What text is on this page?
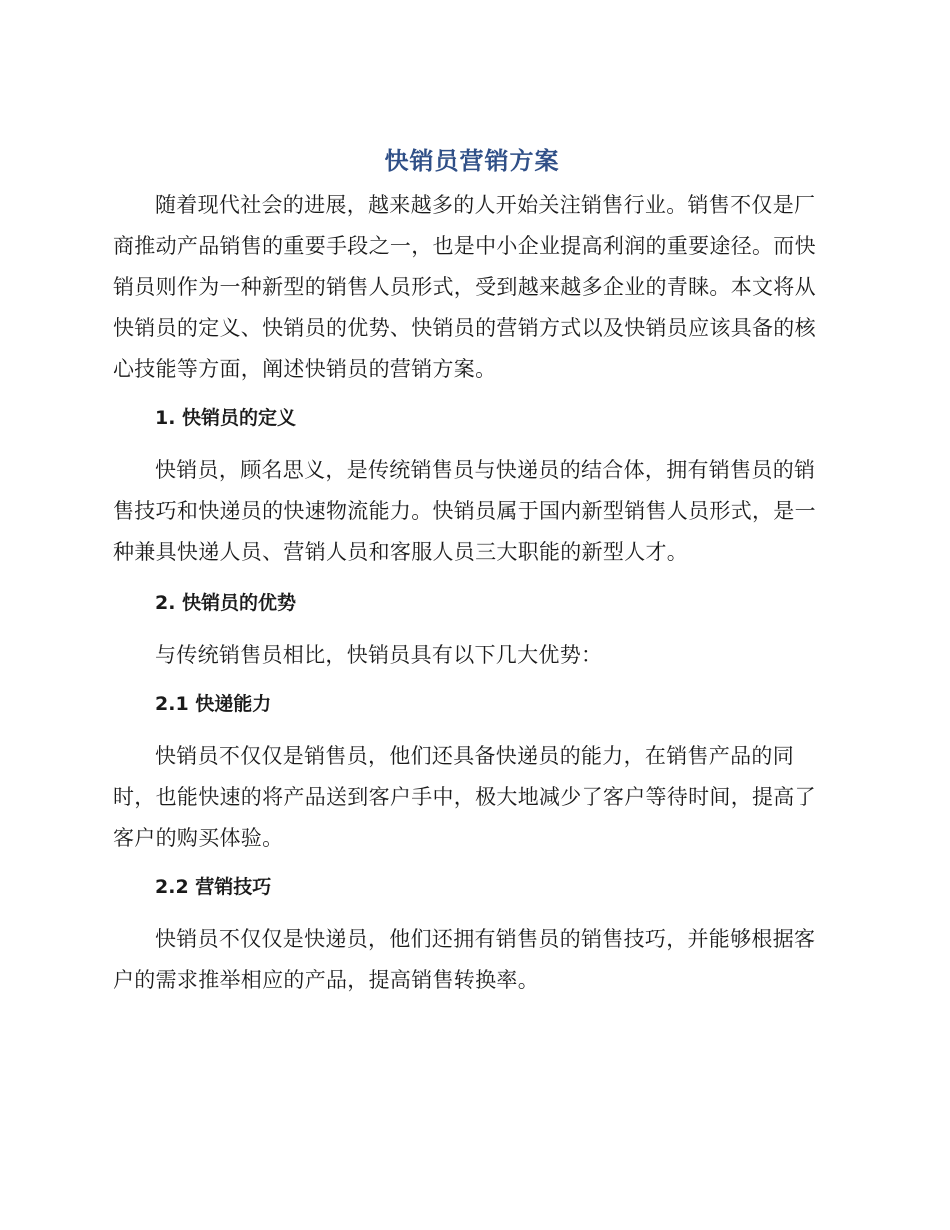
快销员营销方案

随着现代社会的进展，越来越多的人开始关注销售行业。销售不仅是厂商推动产品销售的重要手段之一，也是中小企业提高利润的重要途径。而快销员则作为一种新型的销售人员形式，受到越来越多企业的青睐。本文将从快销员的定义、快销员的优势、快销员的营销方式以及快销员应该具备的核心技能等方面，阐述快销员的营销方案。

1. 快销员的定义

快销员，顾名思义，是传统销售员与快递员的结合体，拥有销售员的销售技巧和快递员的快速物流能力。快销员属于国内新型销售人员形式，是一种兼具快递人员、营销人员和客服人员三大职能的新型人才。

2. 快销员的优势

与传统销售员相比，快销员具有以下几大优势：

2.1 快递能力

快销员不仅仅是销售员，他们还具备快递员的能力，在销售产品的同时，也能快速的将产品送到客户手中，极大地减少了客户等待时间，提高了客户的购买体验。

2.2 营销技巧

快销员不仅仅是快递员，他们还拥有销售员的销售技巧，并能够根据客户的需求推举相应的产品，提高销售转换率。
